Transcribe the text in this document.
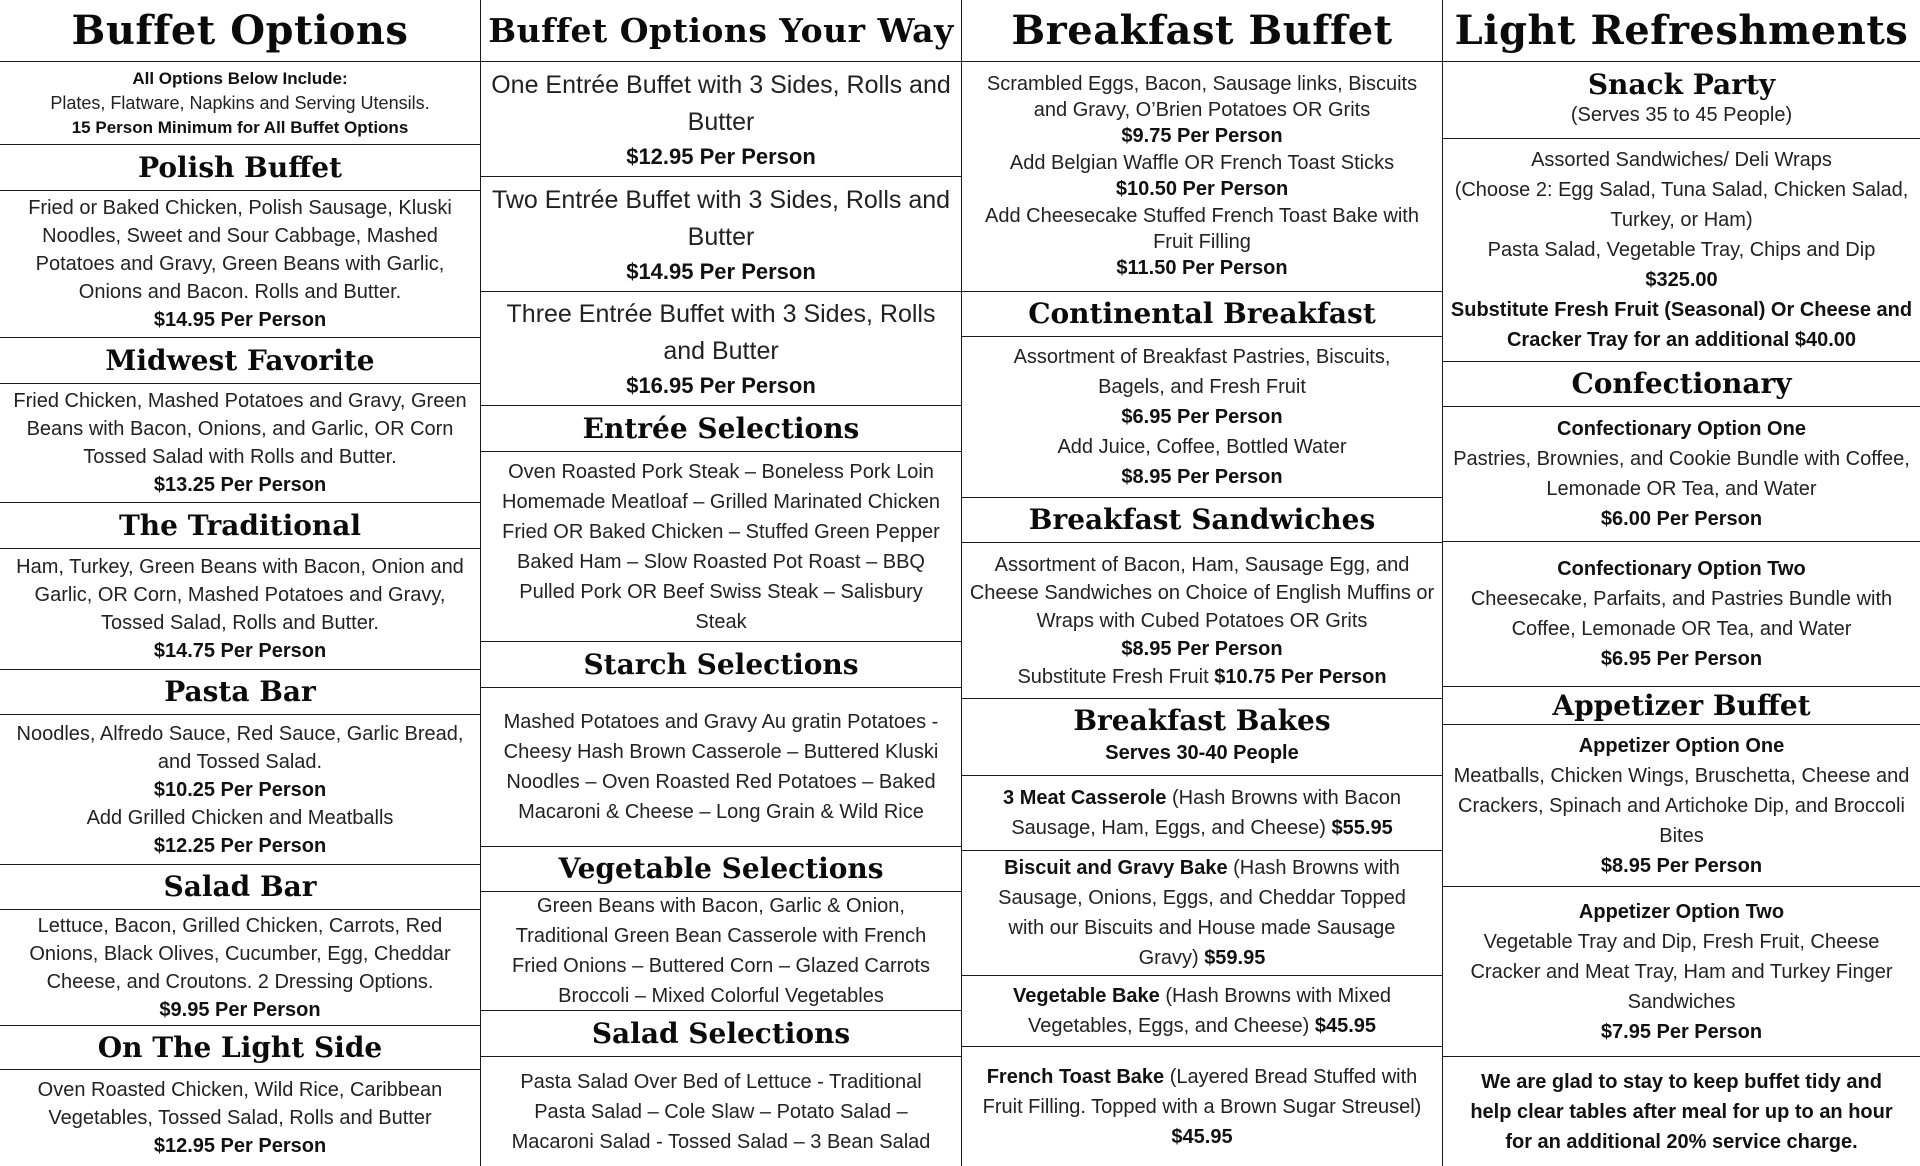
Buffet Options
All Options Below Include:
Plates, Flatware, Napkins and Serving Utensils.
15 Person Minimum for All Buffet Options
Polish Buffet
Fried or Baked Chicken, Polish Sausage, Kluski Noodles, Sweet and Sour Cabbage, Mashed Potatoes and Gravy, Green Beans with Garlic, Onions and Bacon. Rolls and Butter.
$14.95 Per Person
Midwest Favorite
Fried Chicken, Mashed Potatoes and Gravy, Green Beans with Bacon, Onions, and Garlic, OR Corn Tossed Salad with Rolls and Butter.
$13.25 Per Person
The Traditional
Ham, Turkey, Green Beans with Bacon, Onion and Garlic, OR Corn, Mashed Potatoes and Gravy, Tossed Salad, Rolls and Butter.
$14.75 Per Person
Pasta Bar
Noodles, Alfredo Sauce, Red Sauce, Garlic Bread, and Tossed Salad.
$10.25 Per Person
Add Grilled Chicken and Meatballs
$12.25 Per Person
Salad Bar
Lettuce, Bacon, Grilled Chicken, Carrots, Red Onions, Black Olives, Cucumber, Egg, Cheddar Cheese, and Croutons. 2 Dressing Options.
$9.95 Per Person
On The Light Side
Oven Roasted Chicken, Wild Rice, Caribbean Vegetables, Tossed Salad, Rolls and Butter
$12.95 Per Person
Buffet Options Your Way
One Entrée Buffet with 3 Sides, Rolls and Butter
$12.95 Per Person
Two Entrée Buffet with 3 Sides, Rolls and Butter
$14.95 Per Person
Three Entrée Buffet with 3 Sides, Rolls and Butter
$16.95 Per Person
Entrée Selections
Oven Roasted Pork Steak – Boneless Pork Loin Homemade Meatloaf – Grilled Marinated Chicken Fried OR Baked Chicken – Stuffed Green Pepper Baked Ham – Slow Roasted Pot Roast – BBQ Pulled Pork OR Beef Swiss Steak – Salisbury Steak
Starch Selections
Mashed Potatoes and Gravy Au gratin Potatoes - Cheesy Hash Brown Casserole – Buttered Kluski Noodles – Oven Roasted Red Potatoes – Baked Macaroni & Cheese – Long Grain & Wild Rice
Vegetable Selections
Green Beans with Bacon, Garlic & Onion, Traditional Green Bean Casserole with French Fried Onions – Buttered Corn – Glazed Carrots Broccoli – Mixed Colorful Vegetables
Salad Selections
Pasta Salad Over Bed of Lettuce - Traditional Pasta Salad – Cole Slaw – Potato Salad – Macaroni Salad - Tossed Salad – 3 Bean Salad
Breakfast Buffet
Scrambled Eggs, Bacon, Sausage links, Biscuits and Gravy, O’Brien Potatoes OR Grits
$9.75 Per Person
Add Belgian Waffle OR French Toast Sticks
$10.50 Per Person
Add Cheesecake Stuffed French Toast Bake with Fruit Filling
$11.50 Per Person
Continental Breakfast
Assortment of Breakfast Pastries, Biscuits, Bagels, and Fresh Fruit
$6.95 Per Person
Add Juice, Coffee, Bottled Water
$8.95 Per Person
Breakfast Sandwiches
Assortment of Bacon, Ham, Sausage Egg, and Cheese Sandwiches on Choice of English Muffins or Wraps with Cubed Potatoes OR Grits
$8.95 Per Person
Substitute Fresh Fruit $10.75 Per Person
Breakfast Bakes
Serves 30-40 People
3 Meat Casserole (Hash Browns with Bacon Sausage, Ham, Eggs, and Cheese) $55.95
Biscuit and Gravy Bake (Hash Browns with Sausage, Onions, Eggs, and Cheddar Topped with our Biscuits and House made Sausage Gravy) $59.95
Vegetable Bake (Hash Browns with Mixed Vegetables, Eggs, and Cheese) $45.95
French Toast Bake (Layered Bread Stuffed with Fruit Filling. Topped with a Brown Sugar Streusel) $45.95
Light Refreshments
Snack Party
(Serves 35 to 45 People)
Assorted Sandwiches/ Deli Wraps
(Choose 2: Egg Salad, Tuna Salad, Chicken Salad, Turkey, or Ham)
Pasta Salad, Vegetable Tray, Chips and Dip
$325.00
Substitute Fresh Fruit (Seasonal) Or Cheese and Cracker Tray for an additional $40.00
Confectionary
Confectionary Option One
Pastries, Brownies, and Cookie Bundle with Coffee, Lemonade OR Tea, and Water
$6.00 Per Person
Confectionary Option Two
Cheesecake, Parfaits, and Pastries Bundle with Coffee, Lemonade OR Tea, and Water
$6.95 Per Person
Appetizer Buffet
Appetizer Option One
Meatballs, Chicken Wings, Bruschetta, Cheese and Crackers, Spinach and Artichoke Dip, and Broccoli Bites
$8.95 Per Person
Appetizer Option Two
Vegetable Tray and Dip, Fresh Fruit, Cheese Cracker and Meat Tray, Ham and Turkey Finger Sandwiches
$7.95 Per Person
We are glad to stay to keep buffet tidy and help clear tables after meal for up to an hour for an additional 20% service charge.
